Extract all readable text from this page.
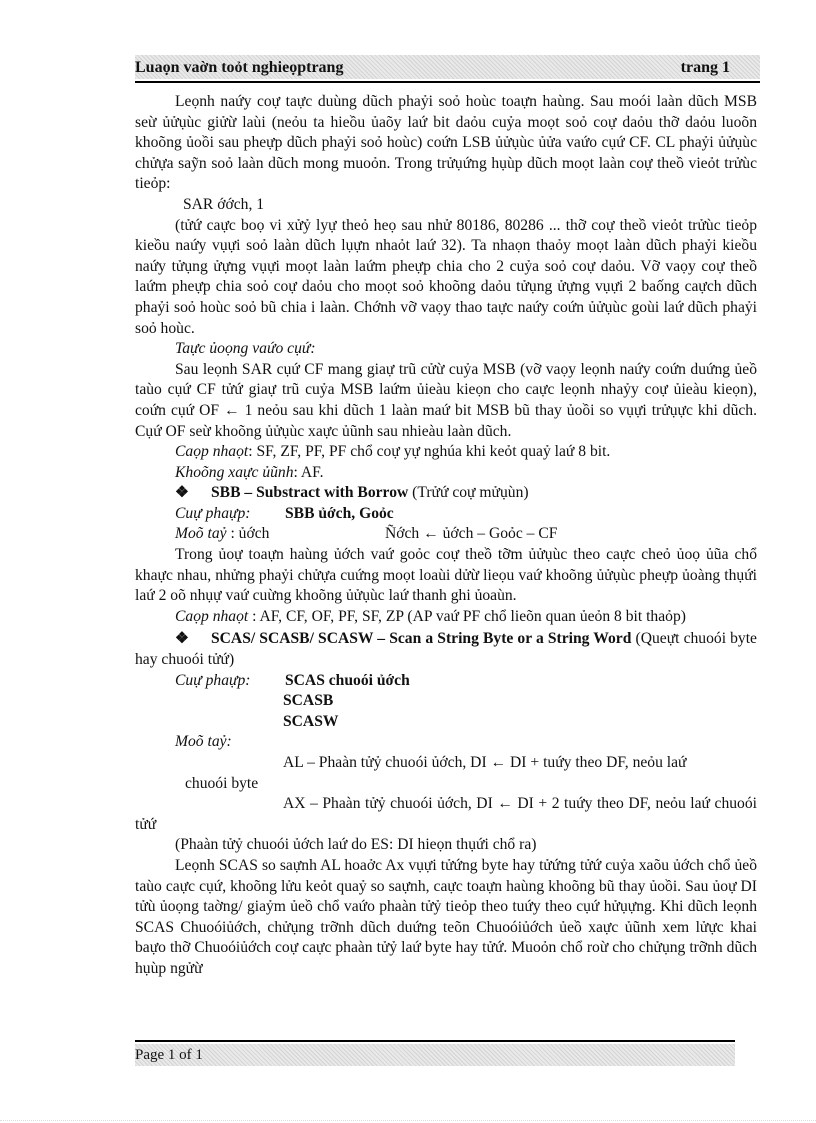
Luaọn vaờn toỏt nghieọptrang	trang 1

Leọnh naứy coự taực duùng dũch phaỷi soỏ hoùc toaựn haùng. Sau moói laàn dũch MSB seừ ủửụùc giửừ laùi (neỏu ta hieồu ủaõy laứ bit daỏu cuỷa moọt soỏ coự daỏu thỡ daỏu luoõn khoõng ủoồi sau pheựp dũch phaỷi soỏ hoùc) coứn LSB ủửụùc ủửa vaứo cụứ CF. CL phaỷi ủửụùc chửựa saỹn soỏ laàn dũch mong muoỏn. Trong trửụứng hụùp dũch moọt laàn coự theồ vieỏt trửùc tieỏp:

SAR ớớch, 1

(tửứ caực boọ vi xửỷ lyự theỏ heọ sau nhử 80186, 80286 ... thỡ coự theồ vieỏt trửùc tieỏp kieồu naứy vụựi soỏ laàn dũch lụựn nhaỏt laứ 32). Ta nhaọn thaỏy moọt laàn dũch phaỷi kieồu naứy tửụng ửựng vụựi moọt laàn laứm pheựp chia cho 2 cuỷa soỏ coự daỏu. Vỡ vaọy coự theồ laứm pheựp chia soỏ coự daỏu cho moọt soỏ khoõng daỏu tửụng ửựng vụựi 2 baống caựch dũch phaỷi soỏ hoùc soỏ bũ chia i laàn. Chớnh vỡ vaọy thao taực naứy coứn ủửụùc goùi laứ dũch phaỷi soỏ hoùc.

Taực ủoọng vaứo cụứ:

Sau leọnh SAR cụứ CF mang giaự trũ cửừ cuỷa MSB (vỡ vaọy leọnh naứy coứn duứng ủeồ taùo cụứ CF tửứ giaự trũ cuỷa MSB laứm ủieàu kieọn cho caực leọnh nhaỷy coự ủieàu kieọn), coứn cụứ OF ← 1 neỏu sau khi dũch 1 laàn maứ bit MSB bũ thay ủoồi so vụựi trửụực khi dũch. Cụứ OF seừ khoõng ủửụùc xaực ủũnh sau nhieàu laàn dũch.

Caọp nhaọt: SF, ZF, PF, PF chổ coự yự nghúa khi keỏt quaỷ laứ 8 bit.

Khoõng xaực ủũnh: AF.

❖ SBB – Substract with Borrow (Trửứ coự mửụùn)

Cuự phaựp: SBB ủớch, Goỏc

Moõ taỷ : ủớch	Ñớch ← ủớch – Goỏc – CF

Trong ủoự toaựn haùng ủớch vaứ goỏc coự theồ tỡm ủửụùc theo caực cheỏ ủoọ ủũa chổ khaực nhau, nhửng phaỷi chửựa cuứng moọt loaùi dửừ lieọu vaứ khoõng ủửụùc pheựp ủoàng thụứi laứ 2 oõ nhụự vaứ cuừng khoõng ủửụùc laứ thanh ghi ủoaùn.

Caọp nhaọt : AF, CF, OF, PF, SF, ZP (AP vaứ PF chổ lieõn quan ủeỏn 8 bit thaỏp)

❖ SCAS/ SCASB/ SCASW – Scan a String Byte or a String Word (Queựt chuoói byte hay chuoói tửứ)

Cuự phaựp: SCAS chuoói ủớch

SCASB

SCASW

Moõ taỷ:

AL – Phaàn tửỷ chuoói ủớch, DI ← DI + tuứy theo DF, neỏu laứ

chuoói byte

AX – Phaàn tửỷ chuoói ủớch, DI ← DI + 2 tuứy theo DF, neỏu laứ chuoói tửứ

(Phaàn tửỷ chuoói ủớch laứ do ES: DI hieọn thụứi chổ ra)

Leọnh SCAS so saựnh AL hoaởc Ax vụựi tửứng byte hay tửứng tửứ cuỷa xaõu ủớch chổ ủeồ taùo caực cụứ, khoõng lửu keỏt quaỷ so saựnh, caực toaựn haùng khoõng bũ thay ủoồi. Sau ủoự DI tửù ủoọng taờng/ giaỷm ủeồ chổ vaứo phaàn tửỷ tieỏp theo tuứy theo cụứ hửụựng. Khi dũch leọnh SCAS Chuoóiủớch, chửụng trỡnh dũch duứng teõn Chuoóiủớch ủeồ xaực ủũnh xem lửực khai baựo thỡ Chuoóiủớch coự caực phaàn tửỷ laứ byte hay tửứ. Muoỏn chổ roừ cho chửụng trỡnh dũch hụùp ngửừ

Page 1 of 1
